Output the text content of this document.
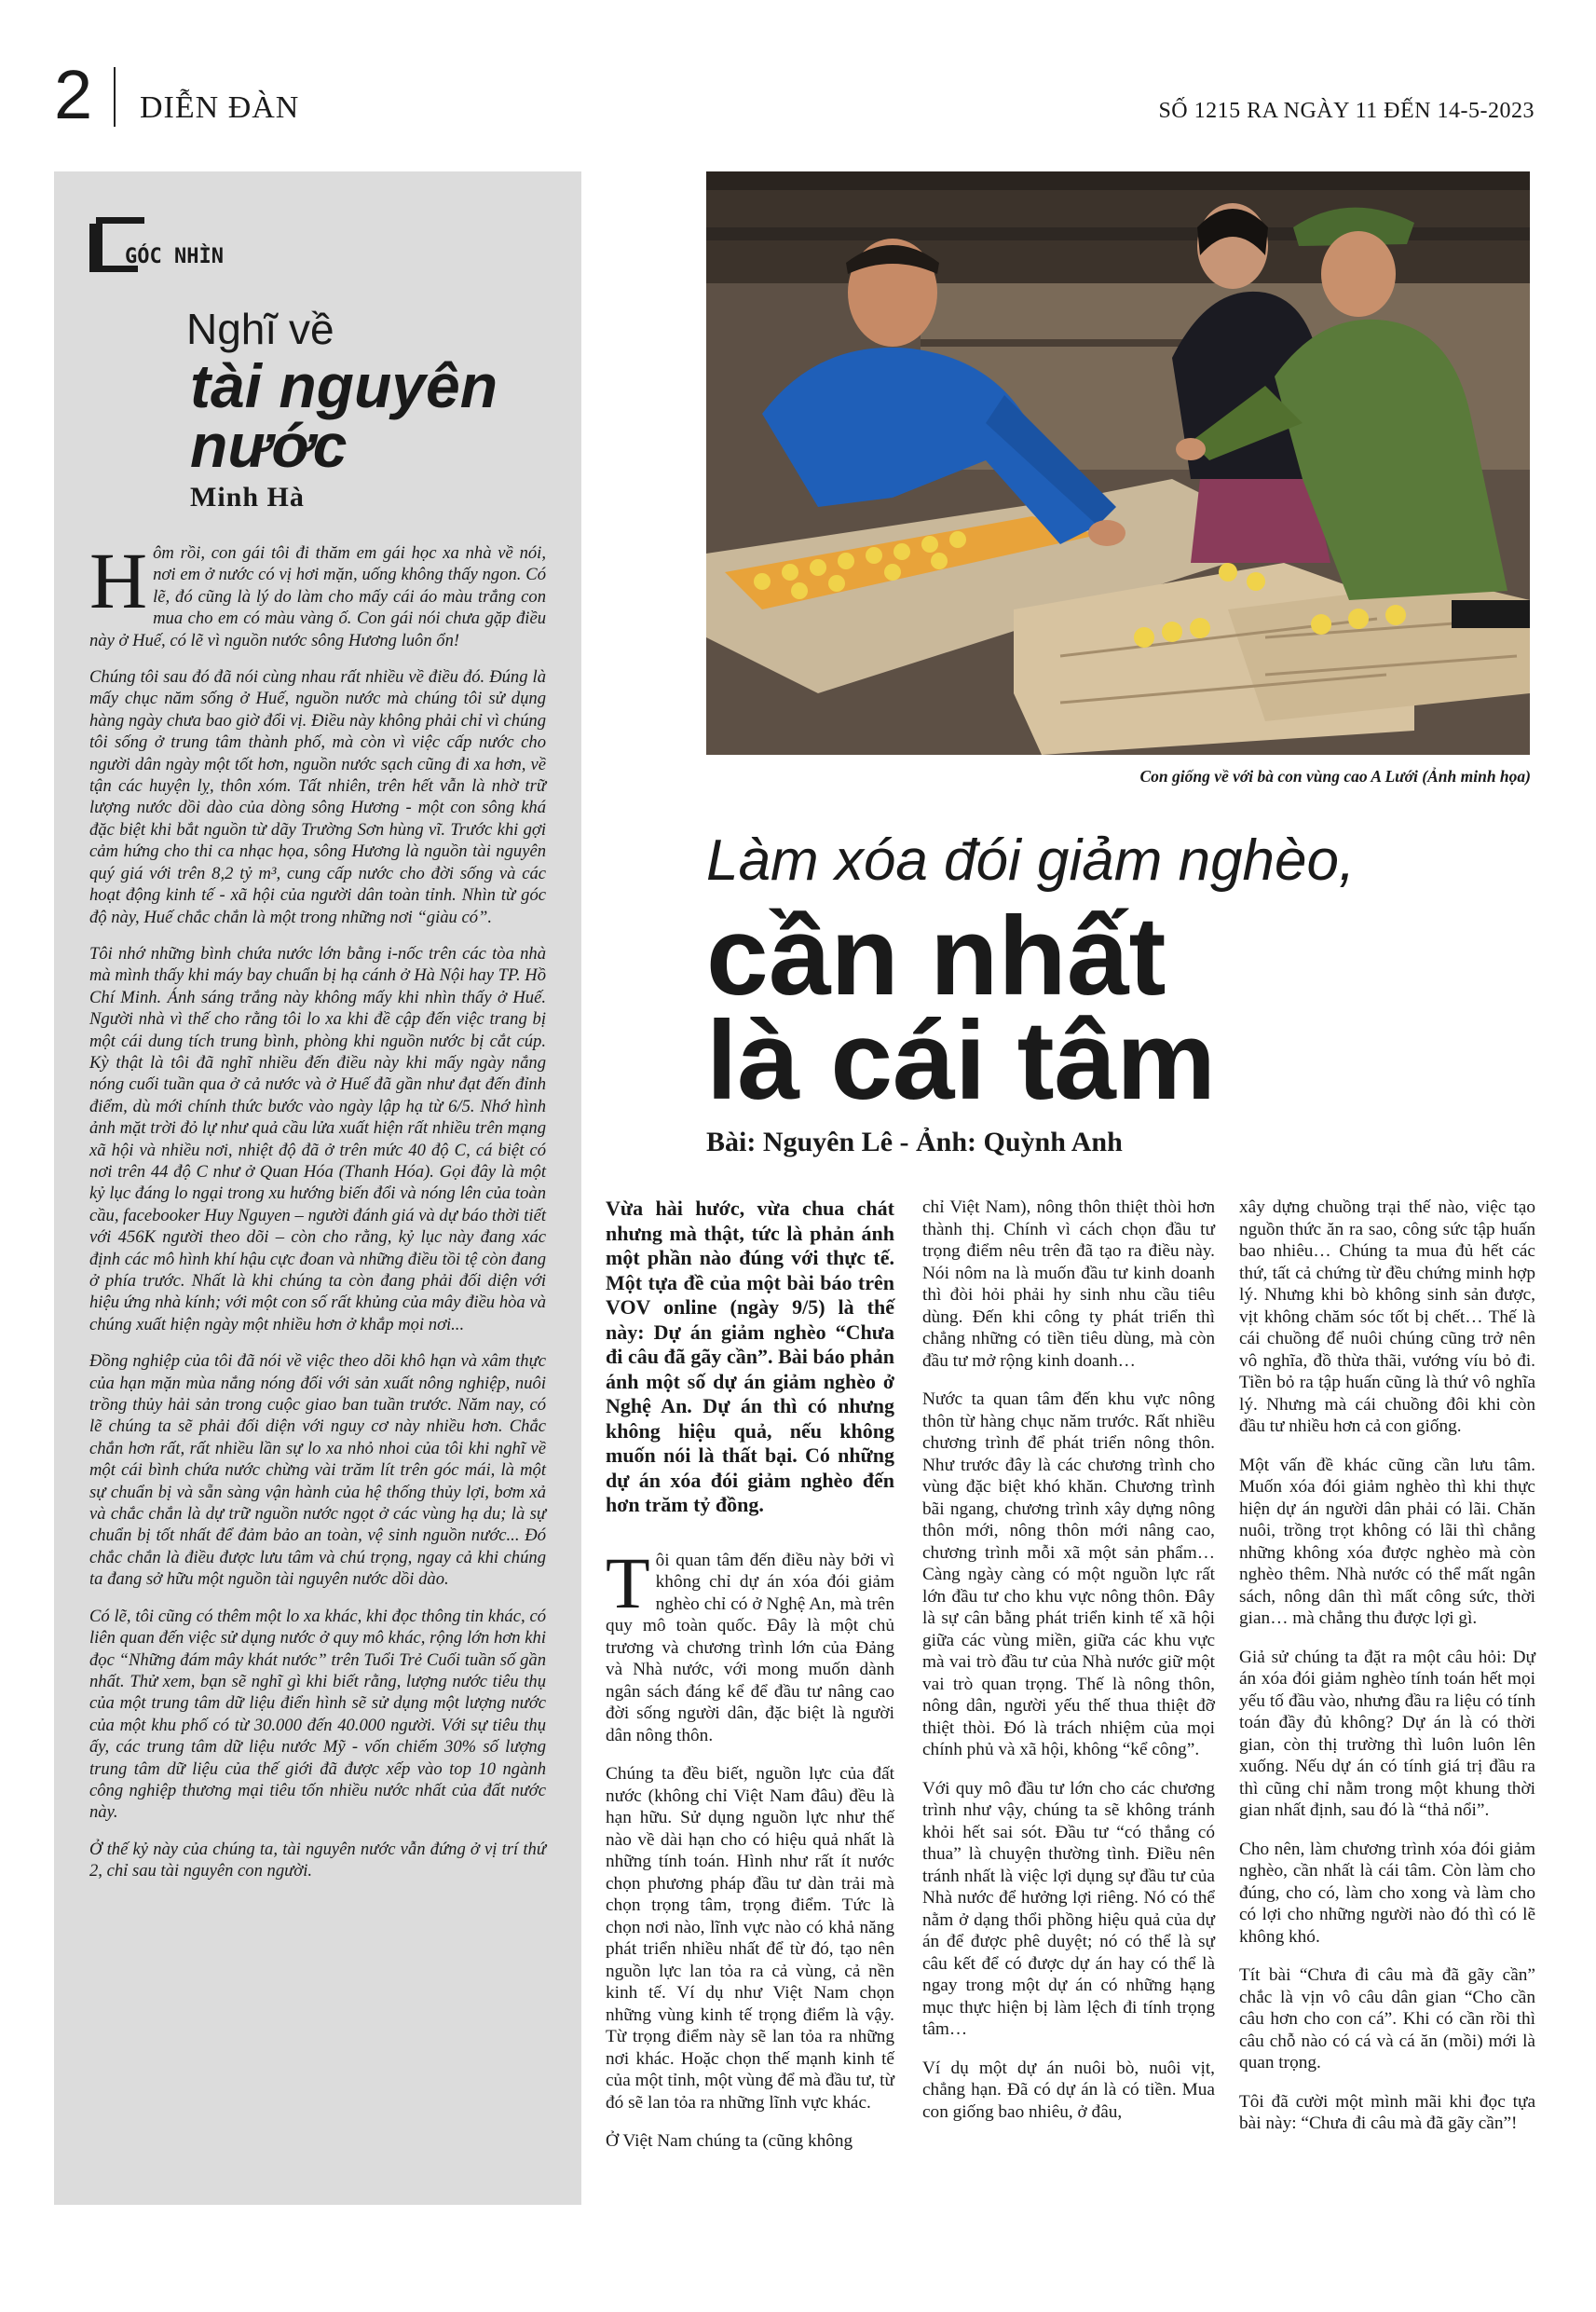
2 DIỄN ĐÀN	SỐ 1215 RA NGÀY 11 ĐẾN 14-5-2023
GÓC NHÌN
Nghĩ về
tài nguyên nước
Minh Hà

Hôm rồi, con gái tôi đi thăm em gái học xa nhà về nói, nơi em ở nước có vị hơi mặn, uống không thấy ngon. Có lẽ, đó cũng là lý do làm cho mấy cái áo màu trắng con mua cho em có màu vàng ố. Con gái nói chưa gặp điều này ở Huế, có lẽ vì nguồn nước sông Hương luôn ổn!

Chúng tôi sau đó đã nói cùng nhau rất nhiều về điều đó. Đúng là mấy chục năm sống ở Huế, nguồn nước mà chúng tôi sử dụng hàng ngày chưa bao giờ đổi vị. Điều này không phải chỉ vì chúng tôi sống ở trung tâm thành phố, mà còn vì việc cấp nước cho người dân ngày một tốt hơn, nguồn nước sạch cũng đi xa hơn, về tận các huyện lỵ, thôn xóm. Tất nhiên, trên hết vẫn là nhờ trữ lượng nước dồi dào của dòng sông Hương - một con sông khá đặc biệt khi bắt nguồn từ dãy Trường Sơn hùng vĩ. Trước khi gợi cảm hứng cho thi ca nhạc họa, sông Hương là nguồn tài nguyên quý giá với trên 8,2 tỷ m³, cung cấp nước cho đời sống và các hoạt động kinh tế - xã hội của người dân toàn tỉnh. Nhìn từ góc độ này, Huế chắc chắn là một trong những nơi “giàu có”.

Tôi nhớ những bình chứa nước lớn bằng i-nốc trên các tòa nhà mà mình thấy khi máy bay chuẩn bị hạ cánh ở Hà Nội hay TP. Hồ Chí Minh. Ánh sáng trắng này không mấy khi nhìn thấy ở Huế. Người nhà vì thế cho rằng tôi lo xa khi đề cập đến việc trang bị một cái dung tích trung bình, phòng khi nguồn nước bị cắt cúp. Kỳ thật là tôi đã nghĩ nhiều đến điều này khi mấy ngày nắng nóng cuối tuần qua ở cả nước và ở Huế đã gần như đạt đến đỉnh điểm, dù mới chính thức bước vào ngày lập hạ từ 6/5. Nhớ hình ảnh mặt trời đỏ lự như quả cầu lửa xuất hiện rất nhiều trên mạng xã hội và nhiều nơi, nhiệt độ đã ở trên mức 40 độ C, cá biệt có nơi trên 44 độ C như ở Quan Hóa (Thanh Hóa). Gọi đây là một kỷ lục đáng lo ngại trong xu hướng biến đổi và nóng lên của toàn cầu, facebooker Huy Nguyen – người đánh giá và dự báo thời tiết với 456K người theo dõi – còn cho rằng, kỷ lục này đang xác định các mô hình khí hậu cực đoan và những điều tồi tệ còn đang ở phía trước. Nhất là khi chúng ta còn đang phải đối diện với hiệu ứng nhà kính; với một con số rất khủng của mây điều hòa và chúng xuất hiện ngày một nhiều hơn ở khắp mọi nơi...

Đồng nghiệp của tôi đã nói về việc theo dõi khô hạn và xâm thực của hạn mặn mùa nắng nóng đối với sản xuất nông nghiệp, nuôi trồng thủy hải sản trong cuộc giao ban tuần trước. Năm nay, có lẽ chúng ta sẽ phải đối diện với nguy cơ này nhiều hơn. Chắc chắn hơn rất, rất nhiều lần sự lo xa nhỏ nhoi của tôi khi nghĩ về một cái bình chứa nước chừng vài trăm lít trên góc mái, là một sự chuẩn bị và sẵn sàng vận hành của hệ thống thủy lợi, bơm xả và chắc chắn là dự trữ nguồn nước ngọt ở các vùng hạ du; là sự chuẩn bị tốt nhất để đảm bảo an toàn, vệ sinh nguồn nước... Đó chắc chắn là điều được lưu tâm và chú trọng, ngay cả khi chúng ta đang sở hữu một nguồn tài nguyên nước dồi dào.

Có lẽ, tôi cũng có thêm một lo xa khác, khi đọc thông tin khác, có liên quan đến việc sử dụng nước ở quy mô khác, rộng lớn hơn khi đọc “Những đám mây khát nước” trên Tuổi Trẻ Cuối tuần số gần nhất. Thử xem, bạn sẽ nghĩ gì khi biết rằng, lượng nước tiêu thụ của một trung tâm dữ liệu điển hình sẽ sử dụng một lượng nước của một khu phố có từ 30.000 đến 40.000 người. Với sự tiêu thụ ấy, các trung tâm dữ liệu nước Mỹ - vốn chiếm 30% số lượng trung tâm dữ liệu của thế giới đã được xếp vào top 10 ngành công nghiệp thương mại tiêu tốn nhiều nước nhất của đất nước này.

Ở thế kỷ này của chúng ta, tài nguyên nước vẫn đứng ở vị trí thứ 2, chỉ sau tài nguyên con người.

Con giống về với bà con vùng cao A Lưới (Ảnh minh họa)
Làm xóa đói giảm nghèo,
cần nhất
là cái tâm
Bài: Nguyên Lê - Ảnh: Quỳnh Anh

Vừa hài hước, vừa chua chát nhưng mà thật, tức là phản ánh một phần nào đúng với thực tế. Một tựa đề của một bài báo trên VOV online (ngày 9/5) là thế này: Dự án giảm nghèo “Chưa đi câu đã gãy cần”. Bài báo phản ánh một số dự án giảm nghèo ở Nghệ An. Dự án thì có nhưng không hiệu quả, nếu không muốn nói là thất bại. Có những dự án xóa đói giảm nghèo đến hơn trăm tỷ đồng.

Tôi quan tâm đến điều này bởi vì không chỉ dự án xóa đói giảm nghèo chỉ có ở Nghệ An, mà trên quy mô toàn quốc. Đây là một chủ trương và chương trình lớn của Đảng và Nhà nước, với mong muốn dành ngân sách đáng kể để đầu tư nâng cao đời sống người dân, đặc biệt là người dân nông thôn.

Chúng ta đều biết, nguồn lực của đất nước (không chỉ Việt Nam đâu) đều là hạn hữu. Sử dụng nguồn lực như thế nào về dài hạn cho có hiệu quả nhất là những tính toán. Hình như rất ít nước chọn phương pháp đầu tư dàn trải mà chọn trọng tâm, trọng điểm. Tức là chọn nơi nào, lĩnh vực nào có khả năng phát triển nhiều nhất để từ đó, tạo nên nguồn lực lan tỏa ra cả vùng, cả nền kinh tế. Ví dụ như Việt Nam chọn những vùng kinh tế trọng điểm là vậy. Từ trọng điểm này sẽ lan tỏa ra những nơi khác. Hoặc chọn thế mạnh kinh tế của một tỉnh, một vùng để mà đầu tư, từ đó sẽ lan tỏa ra những lĩnh vực khác.

Ở Việt Nam chúng ta (cũng không

chỉ Việt Nam), nông thôn thiệt thòi hơn thành thị. Chính vì cách chọn đầu tư trọng điểm nêu trên đã tạo ra điều này. Nói nôm na là muốn đầu tư kinh doanh thì đòi hỏi phải hy sinh nhu cầu tiêu dùng. Đến khi công ty phát triển thì chẳng những có tiền tiêu dùng, mà còn đầu tư mở rộng kinh doanh…

Nước ta quan tâm đến khu vực nông thôn từ hàng chục năm trước. Rất nhiều chương trình để phát triển nông thôn. Như trước đây là các chương trình cho vùng đặc biệt khó khăn. Chương trình bãi ngang, chương trình xây dựng nông thôn mới, nông thôn mới nâng cao, chương trình mỗi xã một sản phẩm… Càng ngày càng có một nguồn lực rất lớn đầu tư cho khu vực nông thôn. Đây là sự cân bằng phát triển kinh tế xã hội giữa các vùng miền, giữa các khu vực mà vai trò đầu tư của Nhà nước giữ một vai trò quan trọng. Thế là nông thôn, nông dân, người yếu thế thua thiệt đỡ thiệt thòi. Đó là trách nhiệm của mọi chính phủ và xã hội, không “kể công”.

Với quy mô đầu tư lớn cho các chương trình như vậy, chúng ta sẽ không tránh khỏi hết sai sót. Đầu tư “có thắng có thua” là chuyện thường tình. Điều nên tránh nhất là việc lợi dụng sự đầu tư của Nhà nước để hưởng lợi riêng. Nó có thể nằm ở dạng thổi phồng hiệu quả của dự án để được phê duyệt; nó có thể là sự câu kết để có được dự án hay có thể là ngay trong một dự án có những hạng mục thực hiện bị làm lệch đi tính trọng tâm…

Ví dụ một dự án nuôi bò, nuôi vịt, chẳng hạn. Đã có dự án là có tiền. Mua con giống bao nhiêu, ở đâu,

xây dựng chuồng trại thế nào, việc tạo nguồn thức ăn ra sao, công sức tập huấn bao nhiêu… Chúng ta mua đủ hết các thứ, tất cả chứng từ đều chứng minh hợp lý. Nhưng khi bò không sinh sản được, vịt không chăm sóc tốt bị chết… Thế là cái chuồng để nuôi chúng cũng trở nên vô nghĩa, đồ thừa thãi, vướng víu bỏ đi. Tiền bỏ ra tập huấn cũng là thứ vô nghĩa lý. Nhưng mà cái chuồng đôi khi còn đầu tư nhiều hơn cả con giống.

Một vấn đề khác cũng cần lưu tâm. Muốn xóa đói giảm nghèo thì khi thực hiện dự án người dân phải có lãi. Chăn nuôi, trồng trọt không có lãi thì chẳng những không xóa được nghèo mà còn nghèo thêm. Nhà nước có thể mất ngân sách, nông dân thì mất công sức, thời gian… mà chẳng thu được lợi gì.

Giả sử chúng ta đặt ra một câu hỏi: Dự án xóa đói giảm nghèo tính toán hết mọi yếu tố đầu vào, nhưng đầu ra liệu có tính toán đầy đủ không? Dự án là có thời gian, còn thị trường thì luôn luôn lên xuống. Nếu dự án có tính giá trị đầu ra thì cũng chỉ nằm trong một khung thời gian nhất định, sau đó là “thả nổi”.

Cho nên, làm chương trình xóa đói giảm nghèo, cần nhất là cái tâm. Còn làm cho đúng, cho có, làm cho xong và làm cho có lợi cho những người nào đó thì có lẽ không khó.

Tít bài “Chưa đi câu mà đã gãy cần” chắc là vịn vô câu dân gian “Cho cần câu hơn cho con cá”. Khi có cần rồi thì câu chỗ nào có cá và cá ăn (mồi) mới là quan trọng.

Tôi đã cười một mình mãi khi đọc tựa bài này: “Chưa đi câu mà đã gãy cần”!
